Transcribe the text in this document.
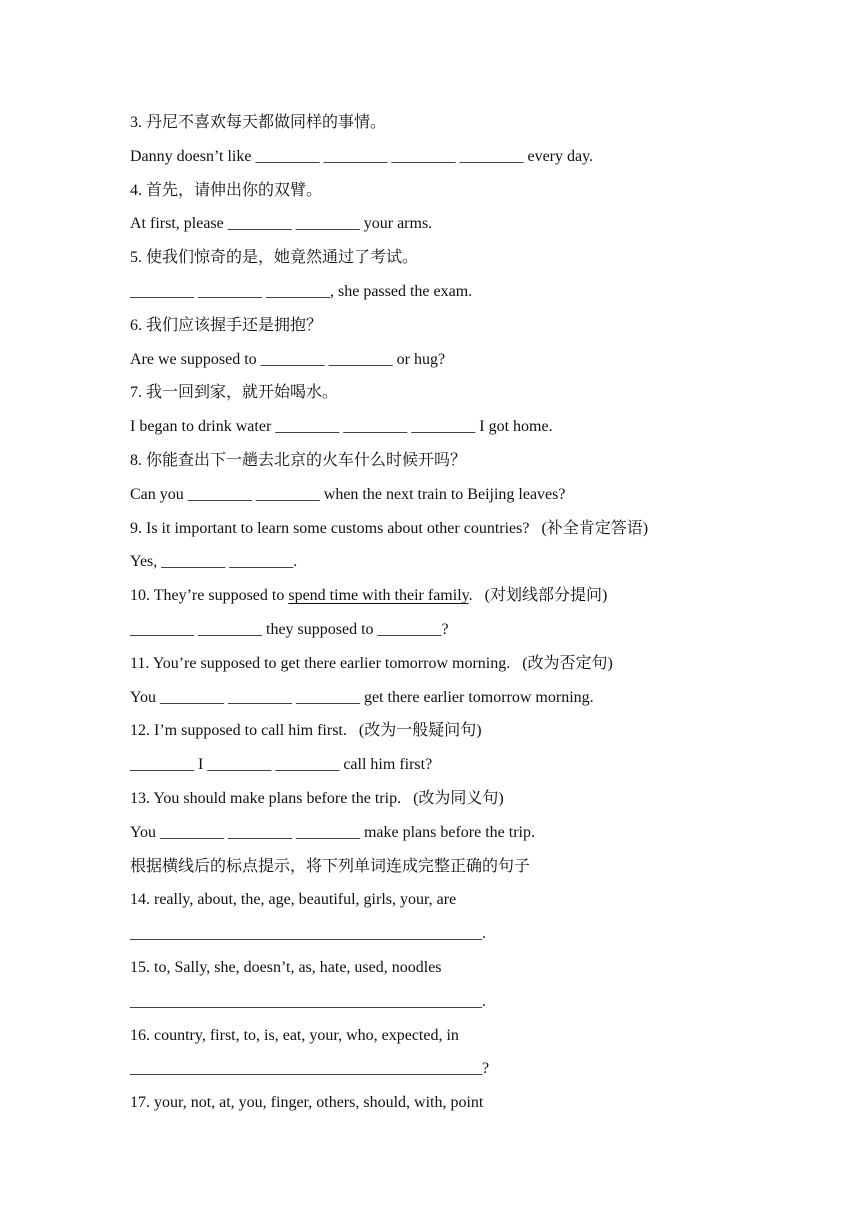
3. 丹尼不喜欢每天都做同样的事情。
Danny doesn’t like ________ ________ ________ ________ every day.
4. 首先，请伸出你的双臂。
At first, please ________ ________ your arms.
5. 使我们惊奇的是，她竟然通过了考试。
________ ________ ________, she passed the exam.
6. 我们应该握手还是拥抱？
Are we supposed to ________ ________ or hug?
7. 我一回到家，就开始喝水。
I began to drink water ________ ________ ________ I got home.
8. 你能查出下一趟去北京的火车什么时候开吗？
Can you ________ ________ when the next train to Beijing leaves?
9. Is it important to learn some customs about other countries?   (补全肯定答语)
Yes, ________ ________.
10. They’re supposed to spend time with their family.   (对划线部分提问)
________ ________ they supposed to ________?
11. You’re supposed to get there earlier tomorrow morning.   (改为否定句)
You ________ ________ ________ get there earlier tomorrow morning.
12. I’m supposed to call him first.   (改为一般疑问句)
________ I ________ ________ call him first?
13. You should make plans before the trip.   (改为同义句)
You ________ ________ ________ make plans before the trip.
根据横线后的标点提示，将下列单词连成完整正确的句子
14. really, about, the, age, beautiful, girls, your, are
____________________________________________.
15. to, Sally, she, doesn’t, as, hate, used, noodles
____________________________________________.
16. country, first, to, is, eat, your, who, expected, in
____________________________________________?
17. your, not, at, you, finger, others, should, with, point
